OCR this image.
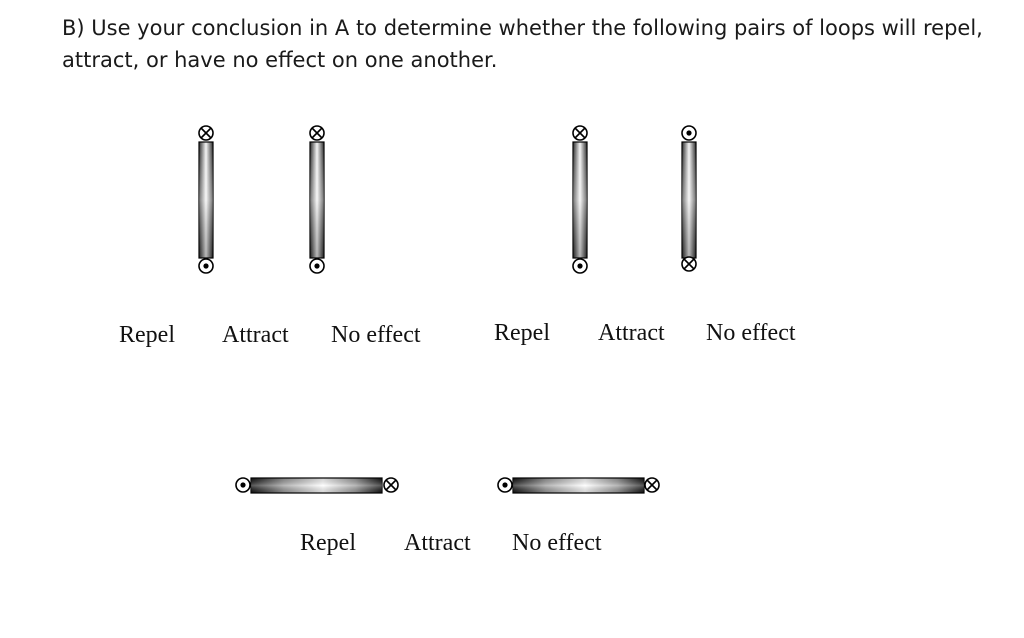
B) Use your conclusion in A to determine whether the following pairs of loops will repel, attract, or have no effect on one another.

Repel Attract No effect	Repel Attract No effect
Repel Attract No effect
